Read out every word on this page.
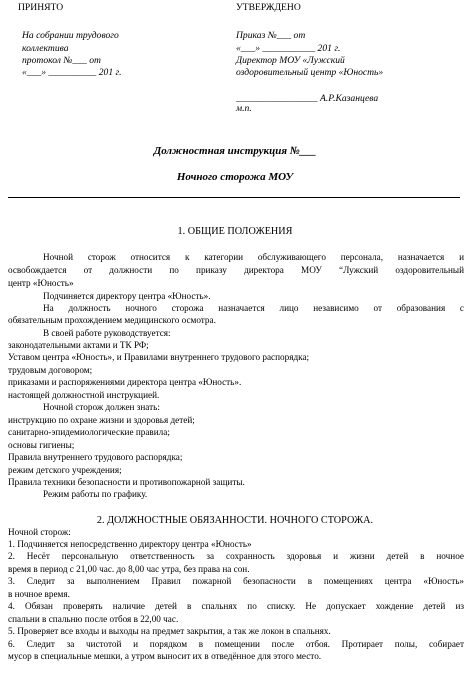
ПРИНЯТО
На собрании трудового
коллектива
протокол №___ от
«___» __________ 201 г.
УТВЕРЖДЕНО
Приказ №___ от
«___» ___________ 201 г.
Директор МОУ «Лужский
оздоровительный центр «Юность»
_________________ А.Р.Казанцева
м.п.
Должностная инструкция №___
Ночного сторожа МОУ
1. ОБЩИЕ ПОЛОЖЕНИЯ
Ночной сторож относится к категории обслуживающего персонала, назначается и
освобождается от должности по приказу директора МОУ “Лужский оздоровительный
центр «Юность»
Подчиняется директору центра «Юность».
На должность ночного сторожа назначается лицо независимо от образования с
обязательным прохождением медицинского осмотра.
В своей работе руководствуется:
законодательными актами и ТК РФ;
Уставом центра «Юность», и Правилами внутреннего трудового распорядка;
трудовым договором;
приказами и распоряжениями директора центра «Юность».
настоящей должностной инструкцией.
Ночной сторож должен знать:
инструкцию по охране жизни и здоровья детей;
санитарно-эпидемиологические правила;
основы гигиены;
Правила внутреннего трудового распорядка;
режим детского учреждения;
Правила техники безопасности и противопожарной защиты.
Режим работы по графику.
2. ДОЛЖНОСТНЫЕ ОБЯЗАННОСТИ. НОЧНОГО СТОРОЖА.
Ночной сторож:
1. Подчиняется непосредственно директору центра «Юность»
2. Несёт персональную ответственность за сохранность здоровья и жизни детей в ночное
время в период с 21,00 час. до 8,00 час утра, без права на сон.
3. Следит за выполнением Правил пожарной безопасности в помещениях центра «Юность»
в ночное время.
4. Обязан проверять наличие детей в спальнях по списку. Не допускает хождение детей из
спальни в спальню после отбоя в 22,00 час.
5. Проверяет все входы и выходы на предмет закрытия, а так же локон в спальнях.
6. Следит за чистотой и порядком в помещении после отбоя. Протирает полы, собирает
мусор в специальные мешки, а утром выносит их в отведённое для этого место.
